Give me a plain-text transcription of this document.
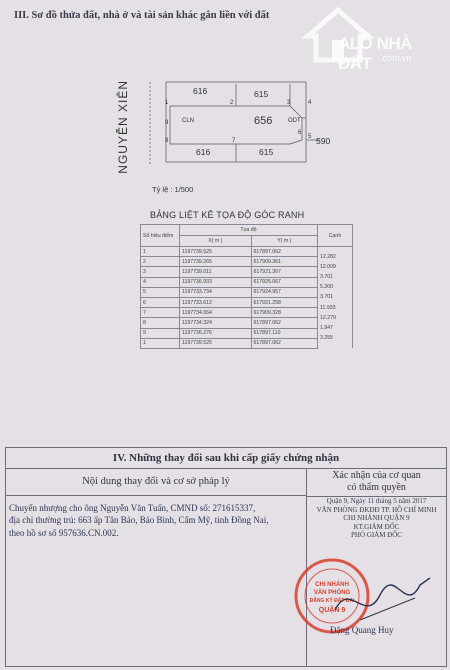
III. Sơ đồ thửa đất, nhà ở và tài sản khác gắn liền với đất
ALO NHÀ ĐẤT .com.vn
NGUYỄN XIÊN	616	615
656
616	615
590
CLN	ODT
1	2	3	4
5
6
7
8
9
Tỷ lệ : 1/500
BẢNG LIỆT KÊ TỌA ĐỘ GÓC RANH
Số hiệu điểm	Tọa độ		Cạnh
	X( m )	Y( m )	
1	1197739.525	617897.062	12.282
2	1197739.265	617909.361	12.009
3	1197739.011	617921.367	3.701
4	1197736.933	617925.067	5.200
5	1197733.734	617924.957	3.701
6	1197733.612	617921.258	11.933
7	1197734.064	617909.328	12.279
8	1197734.324	617897.062	1.947
9	1197736.276	617897.110	3.255
1	1197739.525	617897.062	
IV. Những thay đổi sau khi cấp giấy chứng nhận
Nội dung thay đổi và cơ sở pháp lý
Chuyển nhượng cho ông Nguyễn Văn Tuấn, CMND số: 271615337,
địa chỉ thường trú: 663 ấp Tân Bảo, Bảo Bình, Cẩm Mỹ, tỉnh Đồng Nai,
theo hồ sơ số 957636.CN.002.
Xác nhận của cơ quan
có thẩm quyền
Quận 9, Ngày 11 tháng 5 năm 2017
VĂN PHÒNG ĐKĐĐ TP. HỒ CHÍ MINH
CHI NHÁNH QUẬN 9
KT.GIÁM ĐỐC
PHÓ GIÁM ĐỐC
CHI NHÁNH
VĂN PHÒNG
ĐĂNG KÝ ĐẤT ĐAI
QUẬN 9
Đặng Quang Huy
